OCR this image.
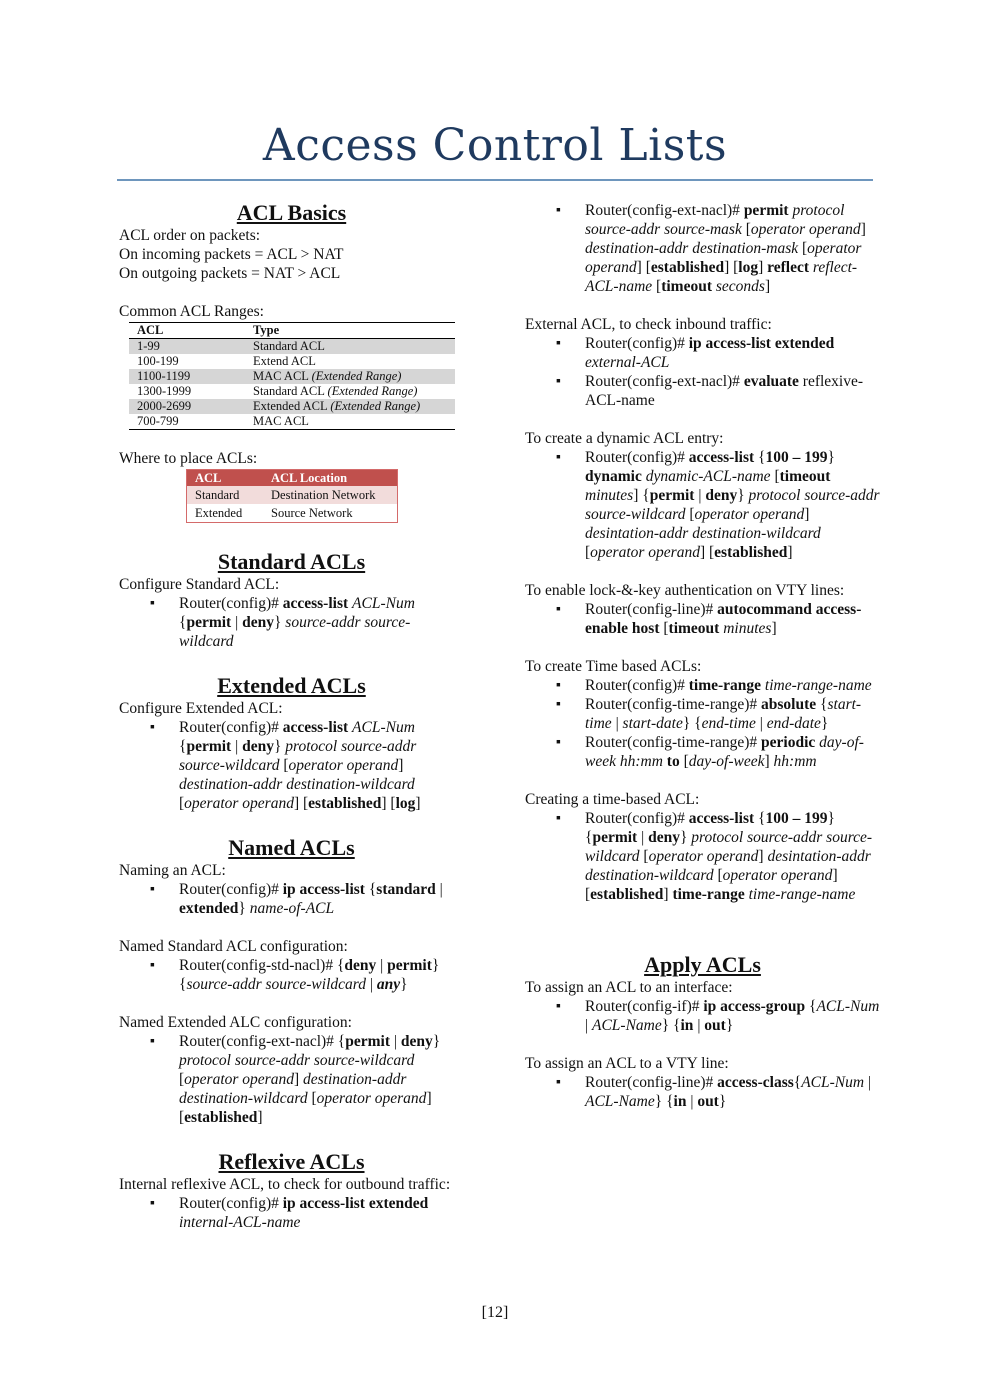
Access Control Lists
ACL Basics

ACL order on packets:

On incoming packets = ACL > NAT

On outgoing packets = NAT > ACL

Common ACL Ranges:

ACL	Type
1-99	Standard ACL
100-199	Extend ACL
1100-1199	MAC ACL (Extended Range)
1300-1999	Standard ACL (Extended Range)
2000-2699	Extended ACL (Extended Range)
700-799	MAC ACL

Where to place ACLs:

ACL	ACL Location
Standard	Destination Network
Extended	Source Network
Standard ACLs

Configure Standard ACL:

▪ Router(config)# access-list ACL-Num {permit | deny} source-addr source-wildcard
Extended ACLs

Configure Extended ACL:

▪ Router(config)# access-list ACL-Num {permit | deny} protocol source-addr source-wildcard [operator operand] destination-addr destination-wildcard [operator operand] [established] [log]
Named ACLs

Naming an ACL:

▪ Router(config)# ip access-list {standard | extended} name-of-ACL

Named Standard ACL configuration:

▪ Router(config-std-nacl)# {deny | permit} {source-addr source-wildcard | any}

Named Extended ALC configuration:

▪ Router(config-ext-nacl)# {permit | deny} protocol source-addr source-wildcard [operator operand] destination-addr destination-wildcard [operator operand] [established]
Reflexive ACLs

Internal reflexive ACL, to check for outbound traffic:

▪ Router(config)# ip access-list extended internal-ACL-name
▪ Router(config-ext-nacl)# permit protocol source-addr source-mask [operator operand] destination-addr destination-mask [operator operand] [established] [log] reflect reflect-ACL-name [timeout seconds]

External ACL, to check inbound traffic:

▪ Router(config)# ip access-list extended external-ACL
▪ Router(config-ext-nacl)# evaluate reflexive-ACL-name

To create a dynamic ACL entry:

▪ Router(config)# access-list {100 – 199} dynamic dynamic-ACL-name [timeout minutes] {permit | deny} protocol source-addr source-wildcard [operator operand] desintation-addr destination-wildcard [operator operand] [established]

To enable lock-&-key authentication on VTY lines:

▪ Router(config-line)# autocommand access-enable host [timeout minutes]

To create Time based ACLs:

▪ Router(config)# time-range time-range-name
▪ Router(config-time-range)# absolute {start-time | start-date} {end-time | end-date}
▪ Router(config-time-range)# periodic day-of-week hh:mm to [day-of-week] hh:mm

Creating a time-based ACL:

▪ Router(config)# access-list {100 – 199} {permit | deny} protocol source-addr source-wildcard [operator operand] desintation-addr destination-wildcard [operator operand] [established] time-range time-range-name
Apply ACLs

To assign an ACL to an interface:

▪ Router(config-if)# ip access-group {ACL-Num | ACL-Name} {in | out}

To assign an ACL to a VTY line:

▪ Router(config-line)# access-class{ACL-Num | ACL-Name} {in | out}
[12]
